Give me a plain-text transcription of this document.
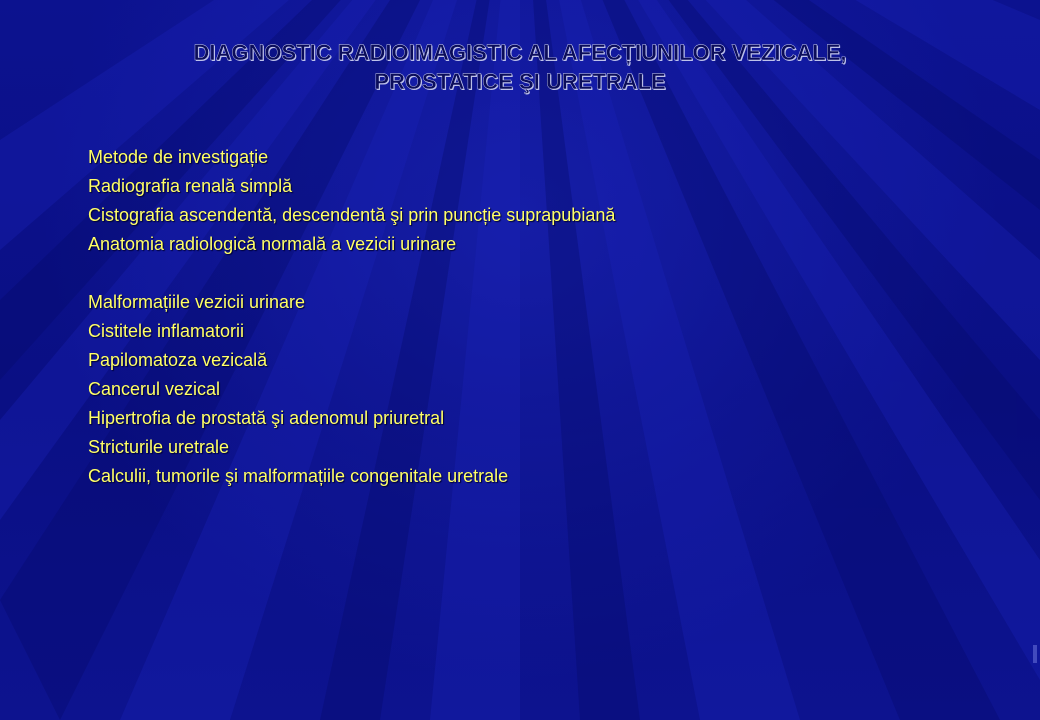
DIAGNOSTIC RADIOIMAGISTIC AL AFECȚIUNILOR VEZICALE,
PROSTATICE ŞI URETRALE
Metode de investigație
Radiografia renală simplă
Cistografia ascendentă, descendentă şi prin puncție suprapubiană
Anatomia radiologică normală a vezicii urinare
Malformațiile vezicii urinare
Cistitele inflamatorii
Papilomatoza vezicală
Cancerul vezical
Hipertrofia de prostată şi adenomul priuretral
Stricturile uretrale
Calculii, tumorile şi malformațiile congenitale uretrale
